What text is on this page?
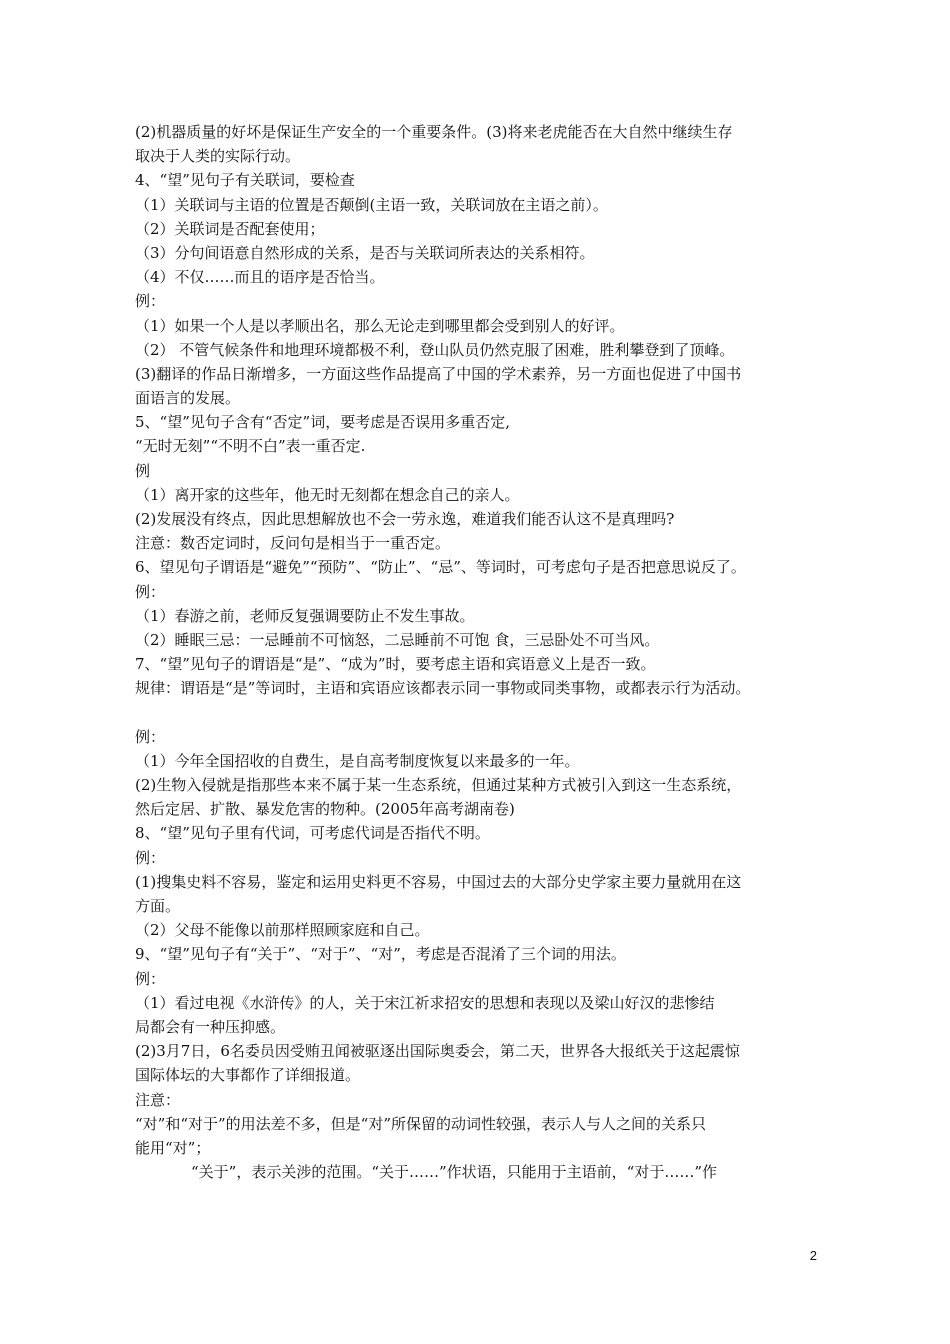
(2)机器质量的好坏是保证生产安全的一个重要条件。(3)将来老虎能否在大自然中继续生存
取决于人类的实际行动。
4、“望”见句子有关联词，要检查
（1）关联词与主语的位置是否颠倒(主语一致，关联词放在主语之前）。
（2）关联词是否配套使用；
（3）分句间语意自然形成的关系，是否与关联词所表达的关系相符。
（4）不仅……而且的语序是否恰当。
例：
（1）如果一个人是以孝顺出名，那么无论走到哪里都会受到别人的好评。
（2） 不管气候条件和地理环境都极不利，登山队员仍然克服了困难，胜利攀登到了顶峰。
(3)翻译的作品日渐增多，一方面这些作品提高了中国的学术素养，另一方面也促进了中国书
面语言的发展。
5、“望”见句子含有“否定”词，要考虑是否误用多重否定,
“无时无刻”“不明不白”表一重否定.
例
（1）离开家的这些年，他无时无刻都在想念自己的亲人。
(2)发展没有终点，因此思想解放也不会一劳永逸，难道我们能否认这不是真理吗?
注意：数否定词时，反问句是相当于一重否定。
6、望见句子谓语是“避免”“预防”、“防止”、“忌”、等词时，可考虑句子是否把意思说反了。
例：
（1）春游之前，老师反复强调要防止不发生事故。
（2）睡眠三忌：一忌睡前不可恼怒，二忌睡前不可饱 食，三忌卧处不可当风。
7、“望”见句子的谓语是“是”、“成为”时，要考虑主语和宾语意义上是否一致。
规律：谓语是“是”等词时，主语和宾语应该都表示同一事物或同类事物，或都表示行为活动。
例：
（1）今年全国招收的自费生，是自高考制度恢复以来最多的一年。
(2)生物入侵就是指那些本来不属于某一生态系统，但通过某种方式被引入到这一生态系统，
然后定居、扩散、暴发危害的物种。(2005年高考湖南卷)
8、“望”见句子里有代词，可考虑代词是否指代不明。
例：
(1)搜集史料不容易，鉴定和运用史料更不容易，中国过去的大部分史学家主要力量就用在这
方面。
（2）父母不能像以前那样照顾家庭和自己。
9、“望”见句子有“关于”、“对于”、“对”，考虑是否混淆了三个词的用法。
例：
（1）看过电视《水浒传》的人，关于宋江祈求招安的思想和表现以及梁山好汉的悲惨结
局都会有一种压抑感。
(2)3月7日，6名委员因受贿丑闻被驱逐出国际奥委会，第二天，世界各大报纸关于这起震惊
国际体坛的大事都作了详细报道。
注意：
“对”和“对于”的用法差不多，但是“对”所保留的动词性较强，表示人与人之间的关系只
能用“对”；
“关于”，表示关涉的范围。“关于……”作状语，只能用于主语前，“对于……”作
2
